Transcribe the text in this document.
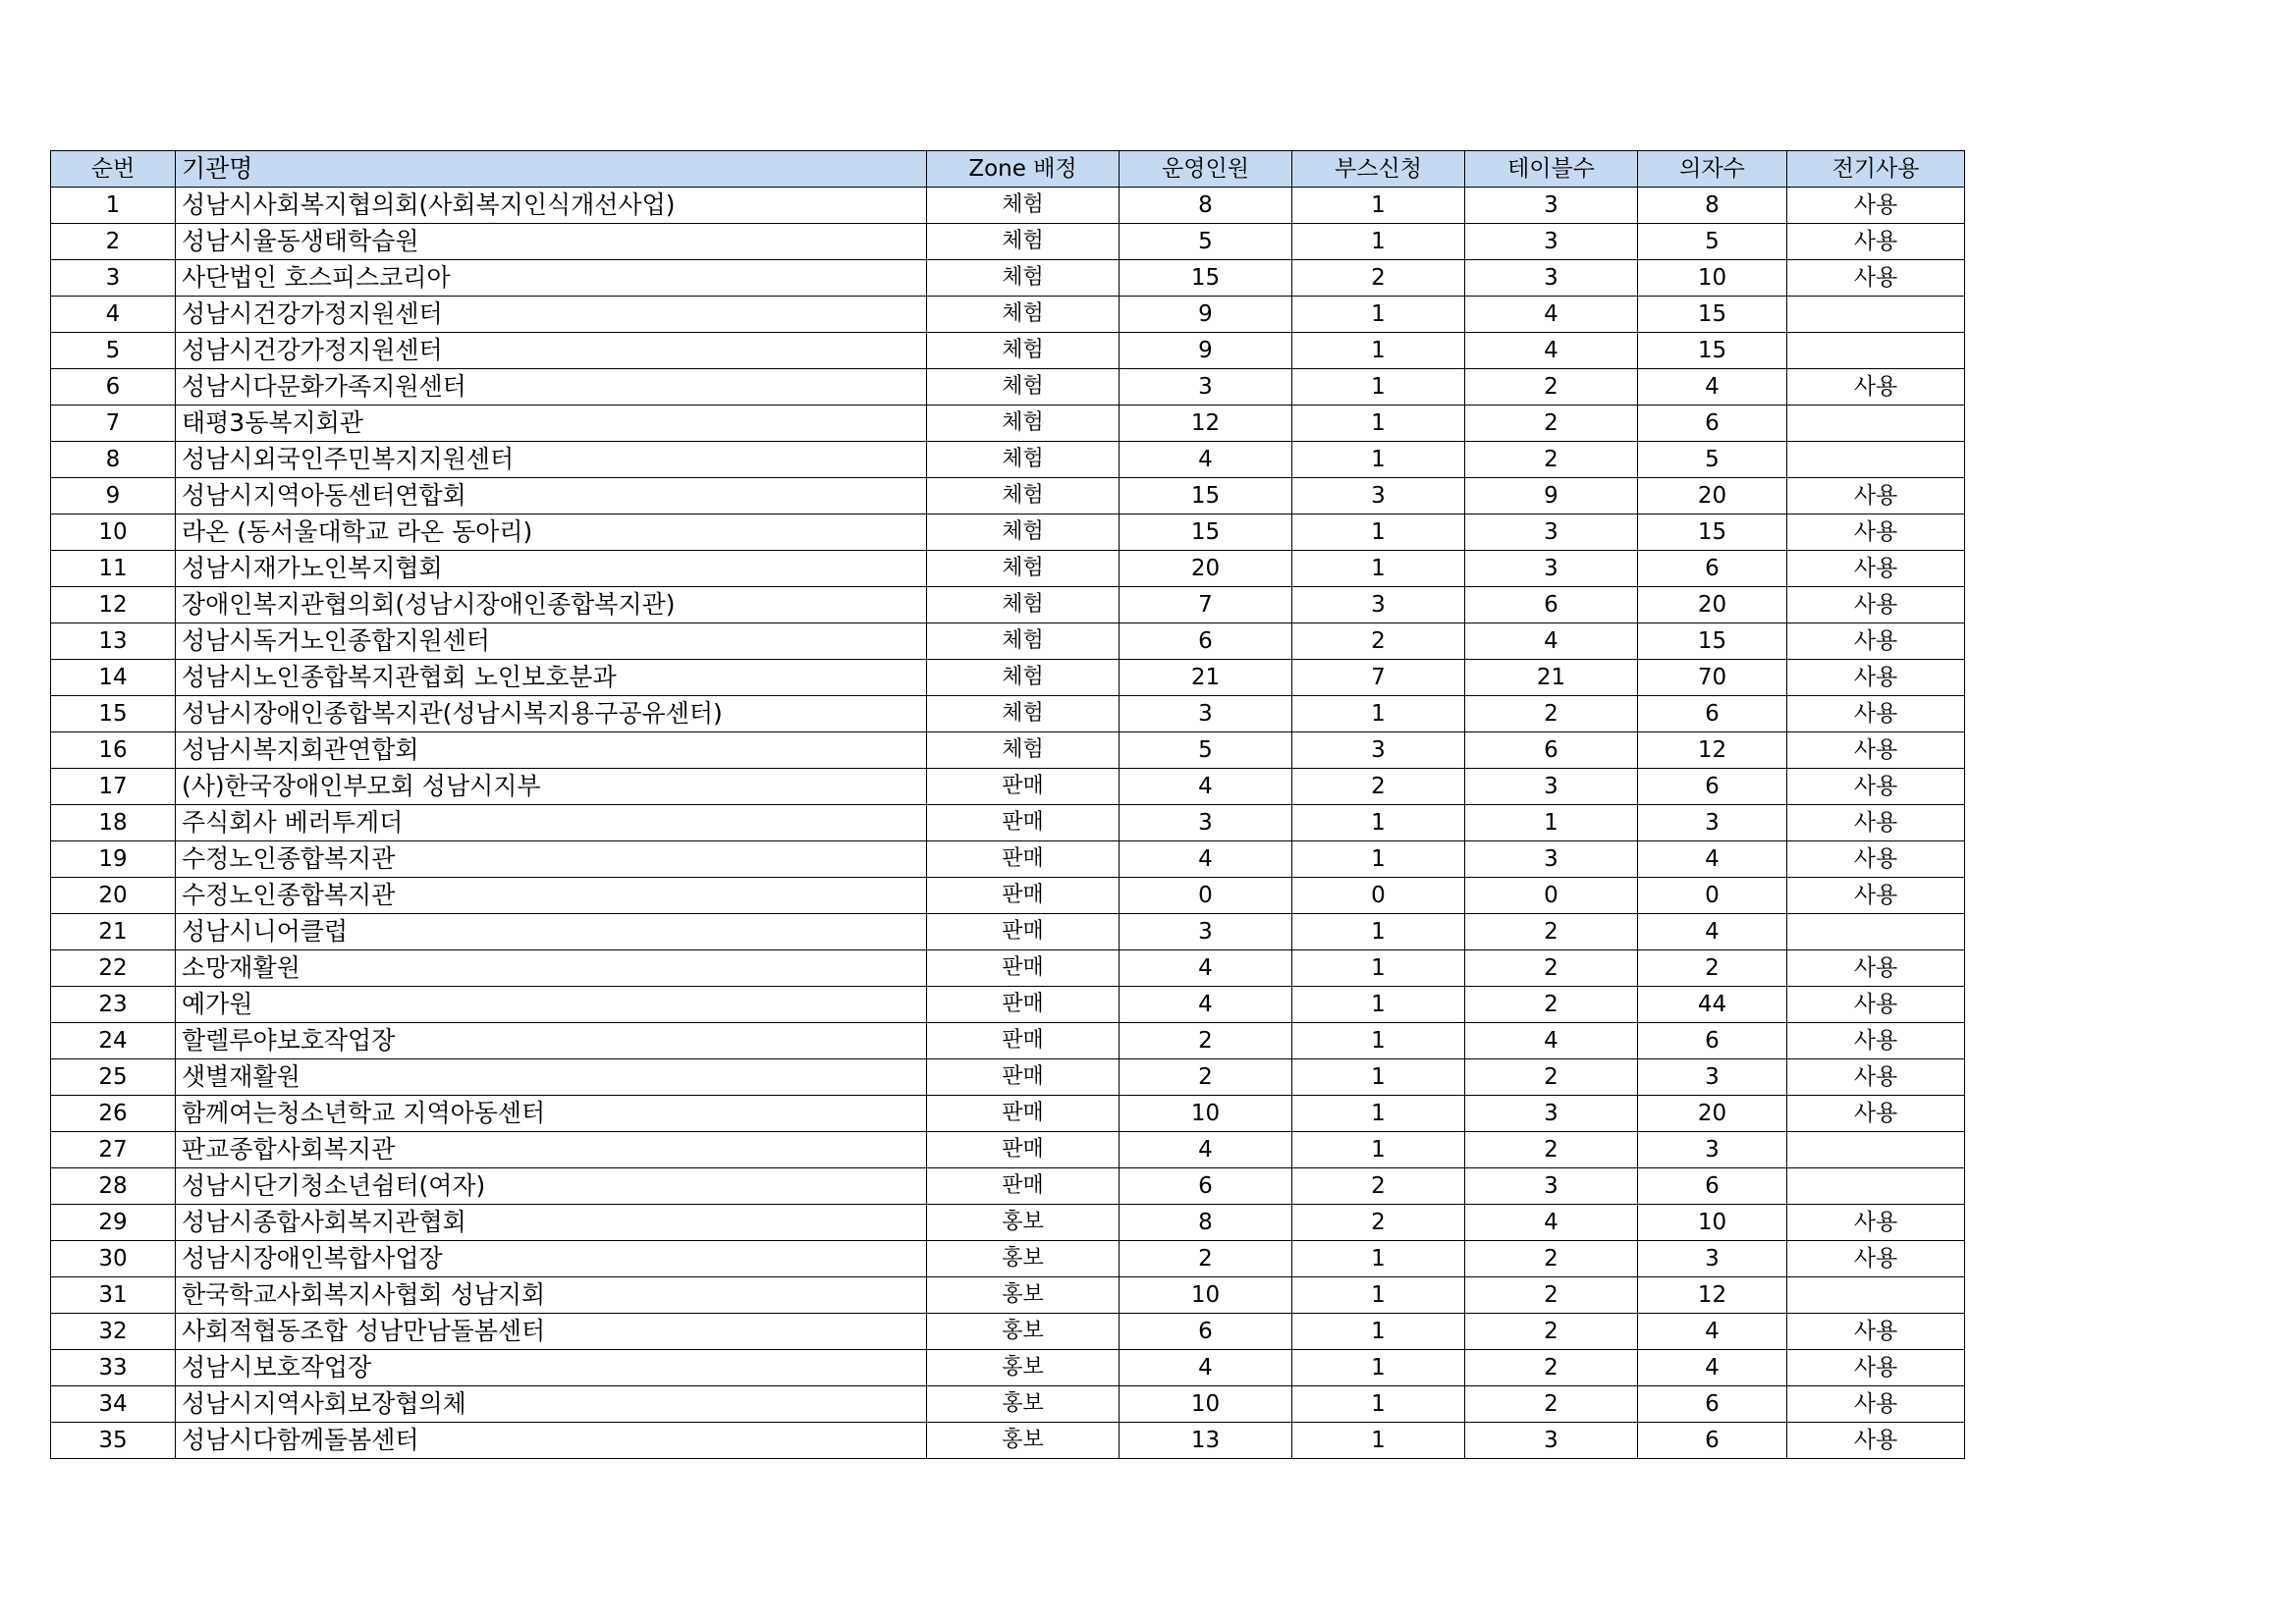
순번	기관명	Zone 배정	운영인원	부스신청	테이블수	의자수	전기사용
1	성남시사회복지협의회(사회복지인식개선사업)	체험	8	1	3	8	사용
2	성남시율동생태학습원	체험	5	1	3	5	사용
3	사단법인 호스피스코리아	체험	15	2	3	10	사용
4	성남시건강가정지원센터	체험	9	1	4	15	
5	성남시건강가정지원센터	체험	9	1	4	15	
6	성남시다문화가족지원센터	체험	3	1	2	4	사용
7	태평3동복지회관	체험	12	1	2	6	
8	성남시외국인주민복지지원센터	체험	4	1	2	5	
9	성남시지역아동센터연합회	체험	15	3	9	20	사용
10	라온 (동서울대학교 라온 동아리)	체험	15	1	3	15	사용
11	성남시재가노인복지협회	체험	20	1	3	6	사용
12	장애인복지관협의회(성남시장애인종합복지관)	체험	7	3	6	20	사용
13	성남시독거노인종합지원센터	체험	6	2	4	15	사용
14	성남시노인종합복지관협회 노인보호분과	체험	21	7	21	70	사용
15	성남시장애인종합복지관(성남시복지용구공유센터)	체험	3	1	2	6	사용
16	성남시복지회관연합회	체험	5	3	6	12	사용
17	(사)한국장애인부모회 성남시지부	판매	4	2	3	6	사용
18	주식회사 베러투게더	판매	3	1	1	3	사용
19	수정노인종합복지관	판매	4	1	3	4	사용
20	수정노인종합복지관	판매	0	0	0	0	사용
21	성남시니어클럽	판매	3	1	2	4	
22	소망재활원	판매	4	1	2	2	사용
23	예가원	판매	4	1	2	44	사용
24	할렐루야보호작업장	판매	2	1	4	6	사용
25	샛별재활원	판매	2	1	2	3	사용
26	함께여는청소년학교 지역아동센터	판매	10	1	3	20	사용
27	판교종합사회복지관	판매	4	1	2	3	
28	성남시단기청소년쉼터(여자)	판매	6	2	3	6	
29	성남시종합사회복지관협회	홍보	8	2	4	10	사용
30	성남시장애인복합사업장	홍보	2	1	2	3	사용
31	한국학교사회복지사협회 성남지회	홍보	10	1	2	12	
32	사회적협동조합 성남만남돌봄센터	홍보	6	1	2	4	사용
33	성남시보호작업장	홍보	4	1	2	4	사용
34	성남시지역사회보장협의체	홍보	10	1	2	6	사용
35	성남시다함께돌봄센터	홍보	13	1	3	6	사용
